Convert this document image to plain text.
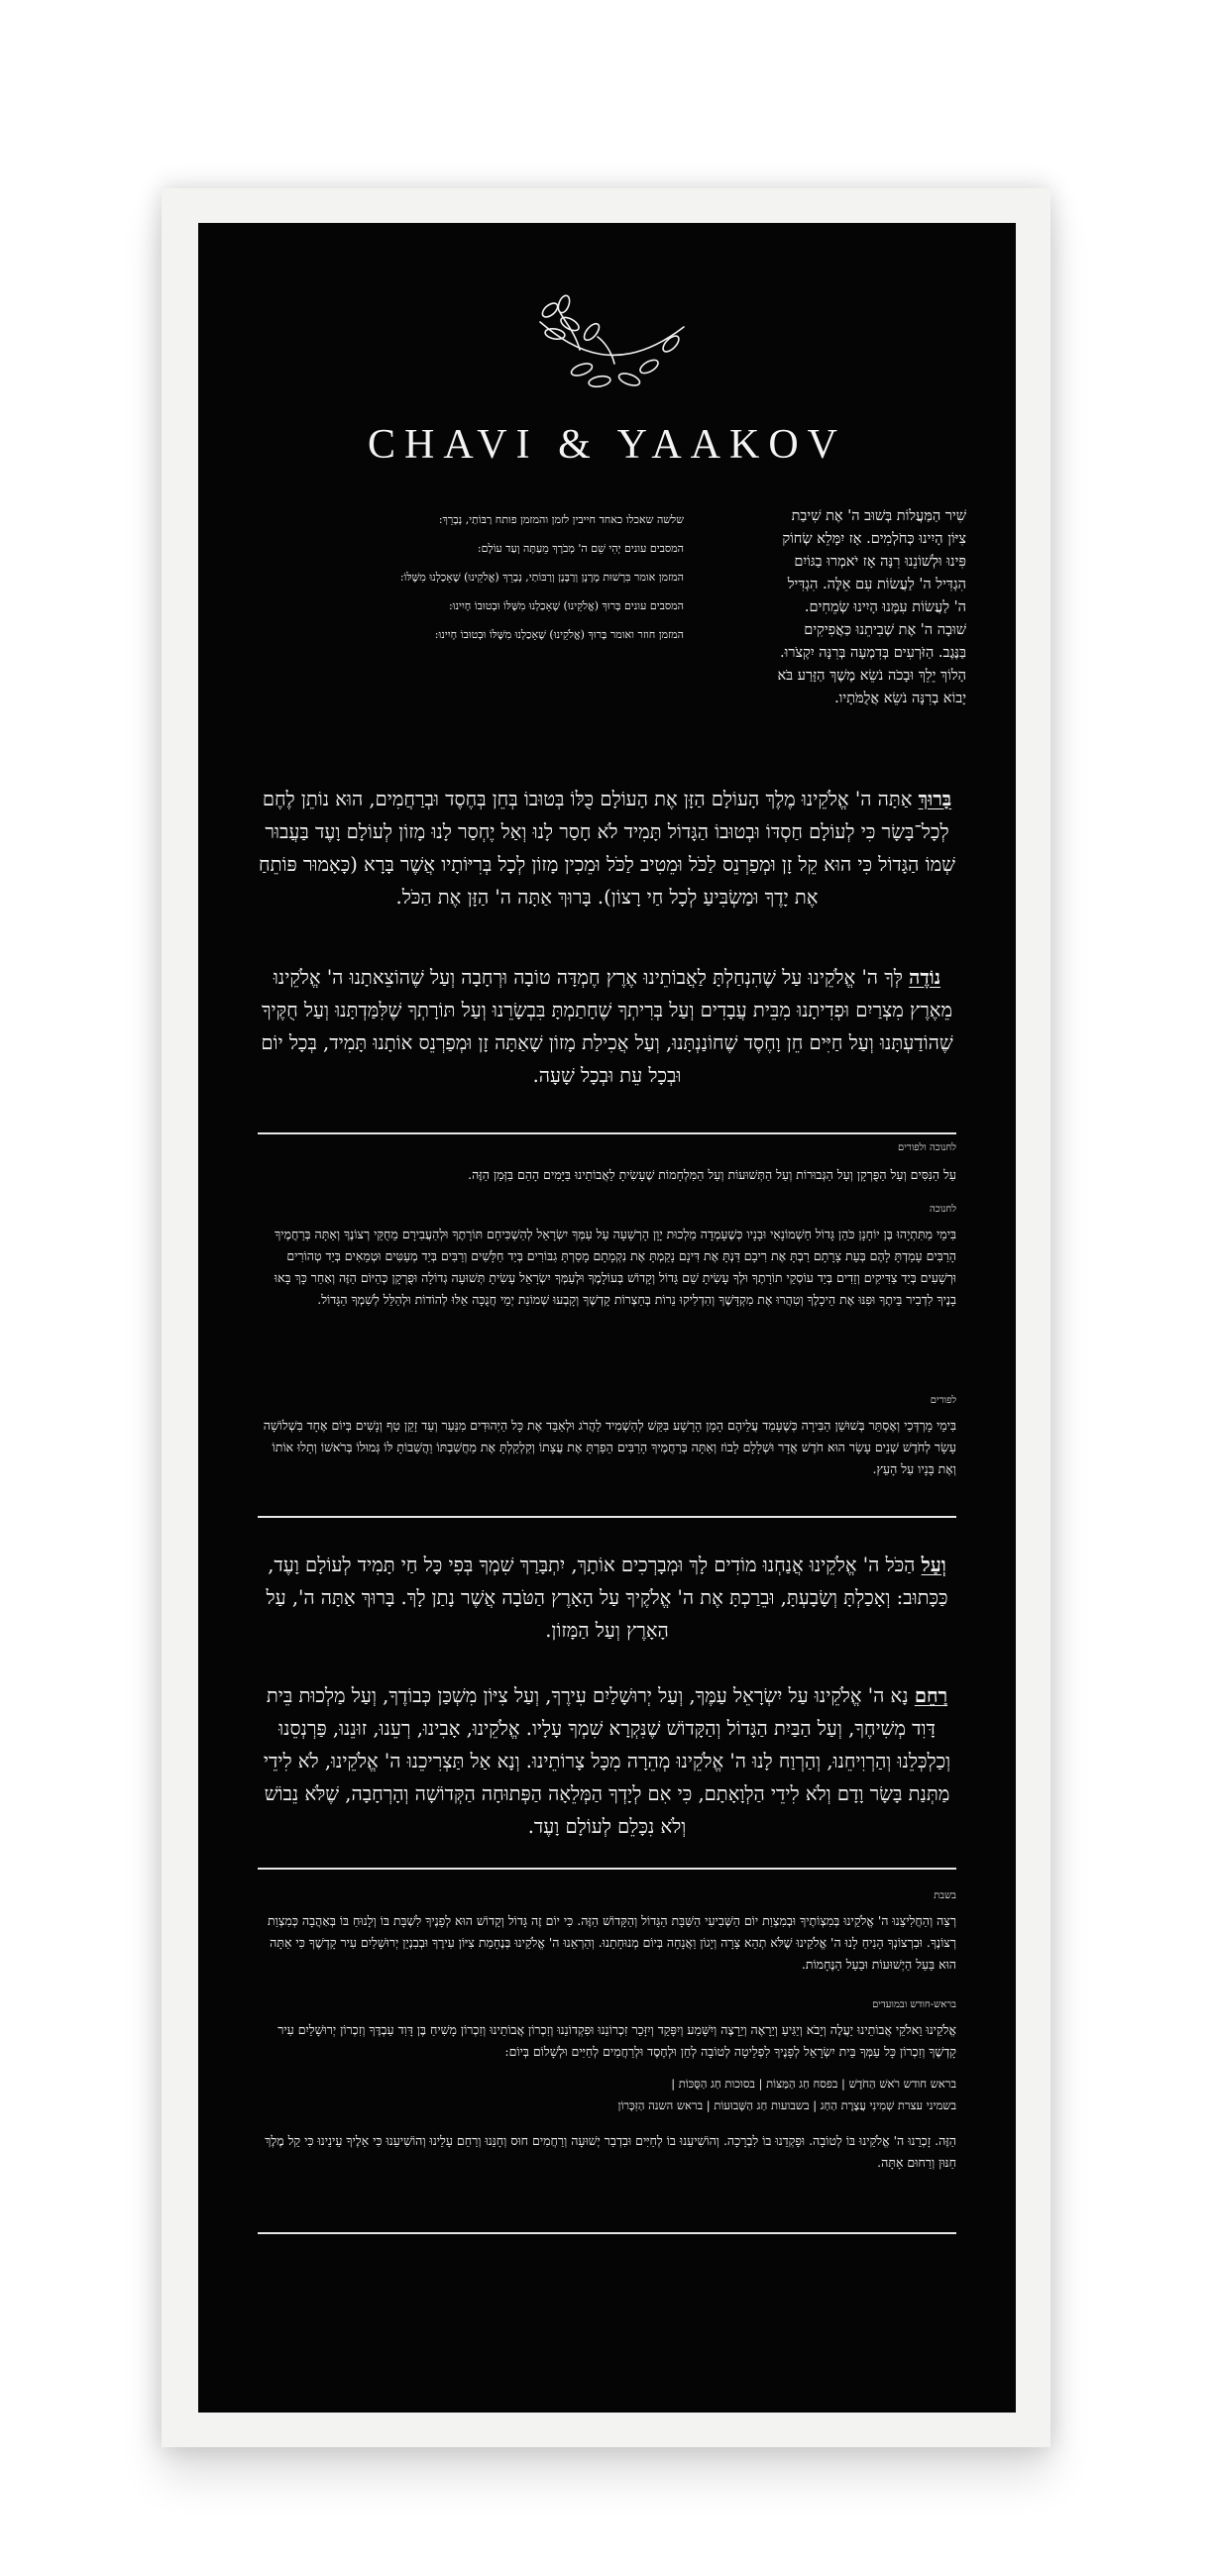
CHAVI & YAAKOV

שִׁיר הַמַּעֲלוֹת בְּשׁוּב ה' אֶת שִׁיבַת

צִיּוֹן הָיִינוּ כְּחֹלְמִים. אָז יִמָּלֵא שְׂחוֹק

פִּינוּ וּלְשׁוֹנֵנוּ רִנָּה אָז יֹאמְרוּ בַגּוֹיִם

הִגְדִּיל ה' לַעֲשׂוֹת עִם אֵלֶּה. הִגְדִּיל

ה' לַעֲשׂוֹת עִמָּנוּ הָיִינוּ שְׂמֵחִים.

שׁוּבָה ה' אֶת שְׁבִיתֵנוּ כַּאֲפִיקִים

בַּנֶּגֶב. הַזֹּרְעִים בְּדִמְעָה בְּרִנָּה יִקְצֹרוּ.

הָלוֹךְ יֵלֵךְ וּבָכֹה נֹשֵׂא מֶשֶׁךְ הַזָּרַע בֹּא

יָבוֹא בְרִנָּה נֹשֵׂא אֲלֻמֹּתָיו.

שלשה שאכלו כאחד חייבין לזמן והמזמן פותח רַבּוֹתַי, נְבָרֵךְ:
המסבים עונים יְהִי שֵׁם ה' מְבֹרָךְ מֵעַתָּה וְעַד עוֹלָם:
המזמן אומר בִּרְשׁוּת מָרָנָן וְרַבָּנָן וְרַבּוֹתַי, נְבָרֵךְ (אֱלֹקֵינוּ) שֶׁאָכַלְנוּ מִשֶּׁלּוֹ:
המסבים עונים בָּרוּךְ (אֱלֹקֵינוּ) שֶׁאָכַלְנוּ מִשֶּׁלּוֹ וּבְטוּבוֹ חָיִינוּ:
המזמן חוזר ואומר בָּרוּךְ (אֱלֹקֵינוּ) שֶׁאָכַלְנוּ מִשֶּׁלּוֹ וּבְטוּבוֹ חָיִינוּ:
בָּרוּךְ אַתָּה ה' אֱלֹקֵינוּ מֶלֶךְ הָעוֹלָם הַזָּן אֶת הָעוֹלָם כֻּלּוֹ בְּטוּבוֹ בְּחֵן בְּחֶסֶד וּבְרַחֲמִים, הוּא נוֹתֵן לֶחֶם לְכָל־בָּשָׂר כִּי לְעוֹלָם חַסְדּוֹ וּבְטוּבוֹ הַגָּדוֹל תָּמִיד לֹא חָסַר לָנוּ וְאַל יֶחְסַר לָנוּ מָזוֹן לְעוֹלָם וָעֶד בַּעֲבוּר שְׁמוֹ הַגָּדוֹל כִּי הוּא קֵל זָן וּמְפַרְנֵס לַכֹּל וּמֵטִיב לַכֹּל וּמֵכִין מָזוֹן לְכָל בְּרִיּוֹתָיו אֲשֶׁר בָּרָא (כָּאָמוּר פּוֹתֵחַ אֶת יָדֶךָ וּמַשְׂבִּיעַ לְכָל חַי רָצוֹן). בָּרוּךְ אַתָּה ה' הַזָּן אֶת הַכֹּל.
נוֹדֶה לְּךָ ה' אֱלֹקֵינוּ עַל שֶׁהִנְחַלְתָּ לַאֲבוֹתֵינוּ אֶרֶץ חֶמְדָּה טוֹבָה וּרְחָבָה וְעַל שֶׁהוֹצֵאתָנוּ ה' אֱלֹקֵינוּ מֵאֶרֶץ מִצְרַיִם וּפְדִיתָנוּ מִבֵּית עֲבָדִים וְעַל בְּרִיתְךָ שֶׁחָתַמְתָּ בִּבְשָׂרֵנוּ וְעַל תּוֹרָתְךָ שֶׁלִּמַּדְתָּנוּ וְעַל חֻקֶּיךָ שֶׁהוֹדַעְתָּנוּ וְעַל חַיִּים חֵן וָחֶסֶד שֶׁחוֹנַנְתָּנוּ, וְעַל אֲכִילַת מָזוֹן שָׁאַתָּה זָן וּמְפַרְנֵס אוֹתָנוּ תָּמִיד, בְּכָל יוֹם וּבְכָל עֵת וּבְכָל שָׁעָה.
לחנוכה ולפורים
עַל הַנִּסִּים וְעַל הַפֻּרְקָן וְעַל הַגְּבוּרוֹת וְעַל הַתְּשׁוּעוֹת וְעַל הַמִּלְחָמוֹת שֶׁעָשִׂיתָ לַאֲבוֹתֵינוּ בַּיָּמִים הָהֵם בַּזְּמַן הַזֶּה.
לחנוכה
בִּימֵי מַתִּתְיָהוּ בֶּן יוֹחָנָן כֹּהֵן גָּדוֹל חַשְׁמוֹנָאִי וּבָנָיו כְּשֶׁעָמְדָה מַלְכוּת יָוָן הָרְשָׁעָה עַל עַמְּךָ יִשְׂרָאֵל לְהַשְׁכִּיחָם תּוֹרָתֶךָ וּלְהַעֲבִירָם מֵחֻקֵּי רְצוֹנֶךָ וְאַתָּה בְּרַחֲמֶיךָ הָרַבִּים עָמַדְתָּ לָהֶם בְּעֵת צָרָתָם רַבְתָּ אֶת רִיבָם דַּנְתָּ אֶת דִּינָם נָקַמְתָּ אֶת נִקְמָתָם מָסַרְתָּ גִבּוֹרִים בְּיַד חַלָּשִׁים וְרַבִּים בְּיַד מְעַטִּים וּטְמֵאִים בְּיַד טְהוֹרִים וּרְשָׁעִים בְּיַד צַדִּיקִים וְזֵדִים בְּיַד עוֹסְקֵי תוֹרָתֶךָ וּלְךָ עָשִׂיתָ שֵׁם גָּדוֹל וְקָדוֹשׁ בְּעוֹלָמֶךָ וּלְעַמְּךָ יִשְׂרָאֵל עָשִׂיתָ תְּשׁוּעָה גְדוֹלָה וּפֻרְקָן כְּהַיּוֹם הַזֶּה וְאַחַר כָּךְ בָּאוּ בָנֶיךָ לִדְבִיר בֵּיתֶךָ וּפִנּוּ אֶת הֵיכָלֶךָ וְטִהֲרוּ אֶת מִקְדָּשֶׁךָ וְהִדְלִיקוּ נֵרוֹת בְּחַצְרוֹת קָדְשֶׁךָ וְקָבְעוּ שְׁמוֹנַת יְמֵי חֲנֻכָּה אֵלּוּ לְהוֹדוֹת וּלְהַלֵּל לְשִׁמְךָ הַגָּדוֹל.
לפורים
בִּימֵי מָרְדְּכַי וְאֶסְתֵּר בְּשׁוּשַׁן הַבִּירָה כְּשֶׁעָמַד עֲלֵיהֶם הָמָן הָרָשָׁע בִּקֵּשׁ לְהַשְׁמִיד לַהֲרֹג וּלְאַבֵּד אֶת כָּל הַיְּהוּדִים מִנַּעַר וְעַד זָקֵן טַף וְנָשִׁים בְּיוֹם אֶחָד בִּשְׁלוֹשָׁה עָשָׂר לְחֹדֶשׁ שְׁנֵים עָשָׂר הוּא חֹדֶשׁ אֲדָר וּשְׁלָלָם לָבוֹז וְאַתָּה בְּרַחֲמֶיךָ הָרַבִּים הֵפַרְתָּ אֶת עֲצָתוֹ וְקִלְקַלְתָּ אֶת מַחֲשַׁבְתּוֹ וַהֲשֵׁבוֹתָ לּוֹ גְּמוּלוֹ בְּרֹאשׁוֹ וְתָלוּ אוֹתוֹ וְאֶת בָּנָיו עַל הָעֵץ.
וְעַל הַכֹּל ה' אֱלֹקֵינוּ אֲנַחְנוּ מוֹדִים לָךְ וּמְבָרְכִים אוֹתָךְ, יִתְבָּרַךְ שִׁמְךָ בְּפִי כָּל חַי תָּמִיד לְעוֹלָם וָעֶד, כַּכָּתוּב: וְאָכַלְתָּ וְשָׂבָעְתָּ, וּבֵרַכְתָּ אֶת ה' אֱלֹקֶיךָ עַל הָאָרֶץ הַטֹּבָה אֲשֶׁר נָתַן לָךְ. בָּרוּךְ אַתָּה ה', עַל הָאָרֶץ וְעַל הַמָּזוֹן.
רַחֵם נָא ה' אֱלֹקֵינוּ עַל יִשְׂרָאֵל עַמֶּךָ, וְעַל יְרוּשָׁלַיִם עִירֶךָ, וְעַל צִיּוֹן מִשְׁכַּן כְּבוֹדֶךָ, וְעַל מַלְכוּת בֵּית דָּוִד מְשִׁיחֶךָ, וְעַל הַבַּיִת הַגָּדוֹל וְהַקָּדוֹשׁ שֶׁנִּקְרָא שִׁמְךָ עָלָיו. אֱלֹקֵינוּ, אָבִינוּ, רְעֵנוּ, זוּנֵנוּ, פַּרְנְסֵנוּ וְכַלְכְּלֵנוּ וְהַרְוִיחֵנוּ, וְהַרְוַח לָנוּ ה' אֱלֹקֵינוּ מְהֵרָה מִכָּל צָרוֹתֵינוּ. וְנָא אַל תַּצְרִיכֵנוּ ה' אֱלֹקֵינוּ, לֹא לִידֵי מַתְּנַת בָּשָׂר וָדָם וְלֹא לִידֵי הַלְוָאָתָם, כִּי אִם לְיָדְךָ הַמְּלֵאָה הַפְּתוּחָה הַקְּדוֹשָׁה וְהָרְחָבָה, שֶׁלֹּא נֵבוֹשׁ וְלֹא נִכָּלֵם לְעוֹלָם וָעֶד.
בשבת
רְצֵה וְהַחֲלִיצֵנוּ ה' אֱלֹקֵינוּ בְּמִצְוֹתֶיךָ וּבְמִצְוַת יוֹם הַשְּׁבִיעִי הַשַּׁבָּת הַגָּדוֹל וְהַקָּדוֹשׁ הַזֶּה. כִּי יוֹם זֶה גָּדוֹל וְקָדוֹשׁ הוּא לְפָנֶיךָ לִשְׁבָּת בּוֹ וְלָנוּחַ בּוֹ בְּאַהֲבָה כְּמִצְוַת רְצוֹנֶךָ. וּבִרְצוֹנְךָ הָנִיחַ לָנוּ ה' אֱלֹקֵינוּ שֶׁלֹּא תְהֵא צָרָה וְיָגוֹן וַאֲנָחָה בְּיוֹם מְנוּחָתֵנוּ. וְהַרְאֵנוּ ה' אֱלֹקֵינוּ בְּנֶחָמַת צִיּוֹן עִירֶךָ וּבְבִנְיַן יְרוּשָׁלַיִם עִיר קָדְשֶׁךָ כִּי אַתָּה הוּא בַּעַל הַיְשׁוּעוֹת וּבַעַל הַנֶּחָמוֹת.
בראש-חודש ובמועדים

אֱלֹקֵינוּ וֵאלֹקֵי אֲבוֹתֵינוּ יַעֲלֶה וְיָבֹא וְיַגִּיעַ וְיֵרָאֶה וְיֵרָצֶה וְיִשָּׁמַע וְיִפָּקֵד וְיִזָּכֵר זִכְרוֹנֵנוּ וּפִקְדוֹנֵנוּ וְזִכְרוֹן אֲבוֹתֵינוּ וְזִכְרוֹן מָשִׁיחַ בֶּן דָּוִד עַבְדֶּךָ וְזִכְרוֹן יְרוּשָׁלַיִם עִיר קָדְשֶׁךָ וְזִכְרוֹן כָּל עַמְּךָ בֵּית יִשְׂרָאֵל לְפָנֶיךָ לִפְלֵיטָה לְטוֹבָה לְחֵן וּלְחֶסֶד וּלְרַחֲמִים לְחַיִּים וּלְשָׁלוֹם בְּיוֹם:

בראש חודש רֹאשׁ הַחֹדֶשׁ | בפסח חַג הַמַּצּוֹת | בסוכות חַג הַסֻּכּוֹת |

בשמיני עצרת שְׁמִינִי עֲצֶרֶת הַחַג | בשבועות חַג הַשָּׁבוּעוֹת | בראש השנה הַזִּכָּרוֹן

הַזֶּה. זָכְרֵנוּ ה' אֱלֹקֵינוּ בּוֹ לְטוֹבָה. וּפָקְדֵנוּ בוֹ לִבְרָכָה. וְהוֹשִׁיעֵנוּ בוֹ לְחַיִּים וּבִדְבַר יְשׁוּעָה וְרַחֲמִים חוּס וְחָנֵּנוּ וְרַחֵם עָלֵינוּ וְהוֹשִׁיעֵנוּ כִּי אֵלֶיךָ עֵינֵינוּ כִּי קֵל מֶלֶךְ חַנּוּן וְרַחוּם אָתָּה.
